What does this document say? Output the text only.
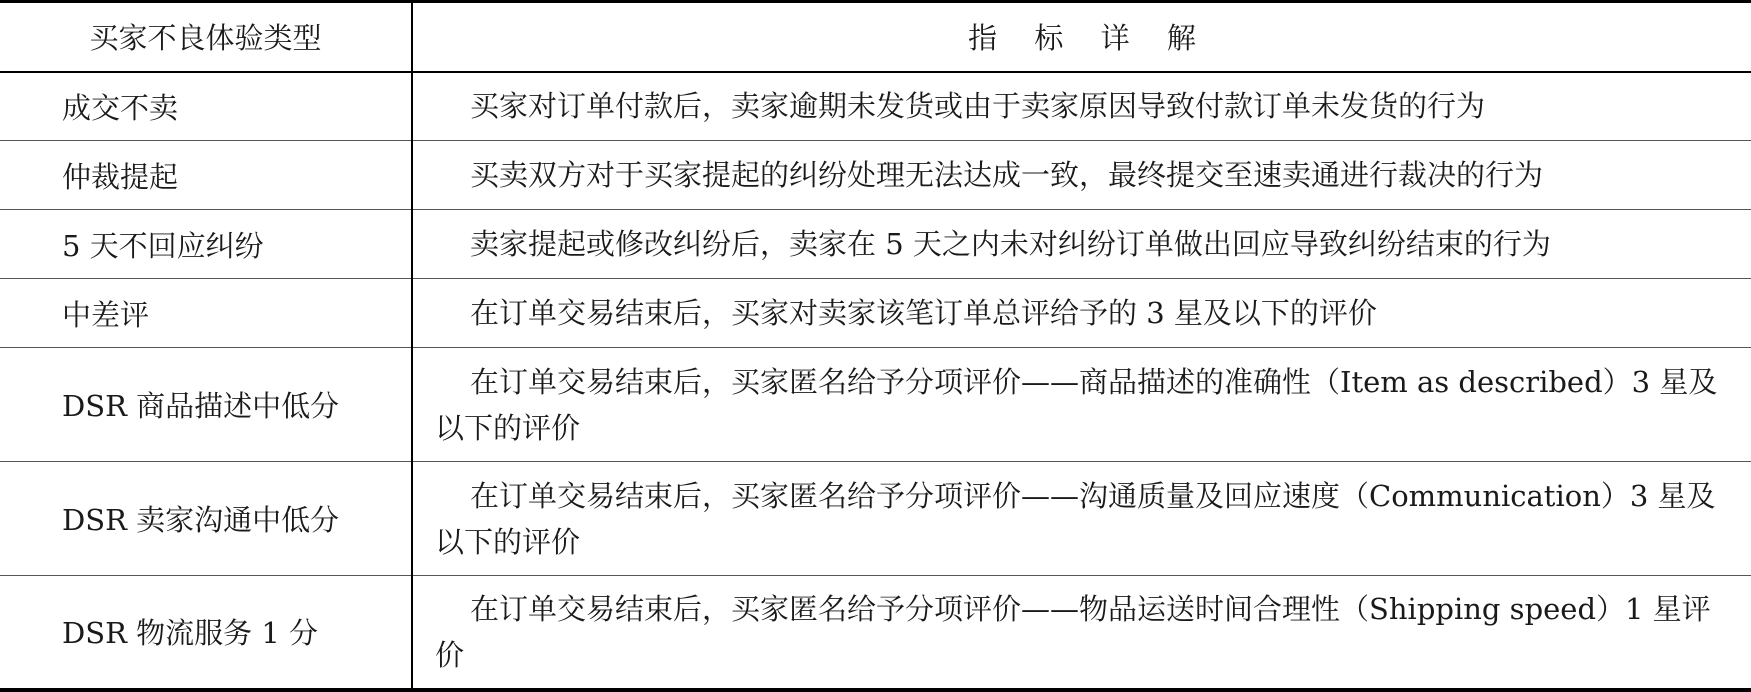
买家不良体验类型	指 标 详 解
成交不卖	买家对订单付款后，卖家逾期未发货或由于卖家原因导致付款订单未发货的行为
仲裁提起	买卖双方对于买家提起的纠纷处理无法达成一致，最终提交至速卖通进行裁决的行为
5 天不回应纠纷	卖家提起或修改纠纷后，卖家在 5 天之内未对纠纷订单做出回应导致纠纷结束的行为
中差评	在订单交易结束后，买家对卖家该笔订单总评给予的 3 星及以下的评价
DSR 商品描述中低分	在订单交易结束后，买家匿名给予分项评价——商品描述的准确性（Item as described）3 星及以下的评价
DSR 卖家沟通中低分	在订单交易结束后，买家匿名给予分项评价——沟通质量及回应速度（Communication）3 星及以下的评价
DSR 物流服务 1 分	在订单交易结束后，买家匿名给予分项评价——物品运送时间合理性（Shipping speed）1 星评价
